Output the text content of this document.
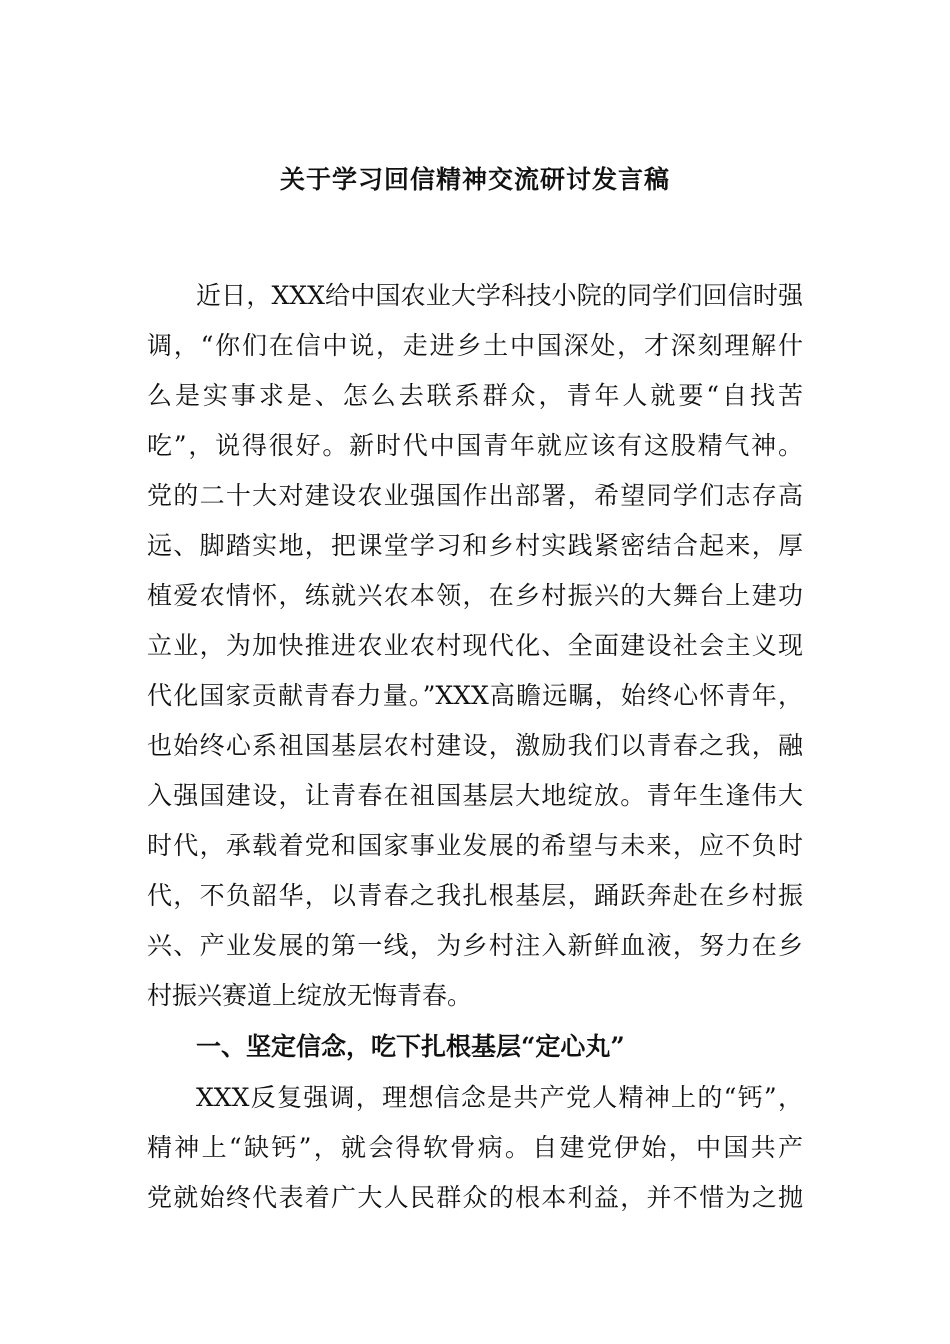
关于学习回信精神交流研讨发言稿
近日，XXX给中国农业大学科技小院的同学们回信时强
调，“你们在信中说，走进乡土中国深处，才深刻理解什
么是实事求是、怎么去联系群众，青年人就要“自找苦
吃”，说得很好。新时代中国青年就应该有这股精气神。
党的二十大对建设农业强国作出部署，希望同学们志存高
远、脚踏实地，把课堂学习和乡村实践紧密结合起来，厚
植爱农情怀，练就兴农本领，在乡村振兴的大舞台上建功
立业，为加快推进农业农村现代化、全面建设社会主义现
代化国家贡献青春力量。”XXX高瞻远瞩，始终心怀青年，
也始终心系祖国基层农村建设，激励我们以青春之我，融
入强国建设，让青春在祖国基层大地绽放。青年生逢伟大
时代，承载着党和国家事业发展的希望与未来，应不负时
代，不负韶华，以青春之我扎根基层，踊跃奔赴在乡村振
兴、产业发展的第一线，为乡村注入新鲜血液，努力在乡
村振兴赛道上绽放无悔青春。
一、坚定信念，吃下扎根基层“定心丸”
XXX反复强调，理想信念是共产党人精神上的“钙”，
精神上“缺钙”，就会得软骨病。自建党伊始，中国共产
党就始终代表着广大人民群众的根本利益，并不惜为之抛
